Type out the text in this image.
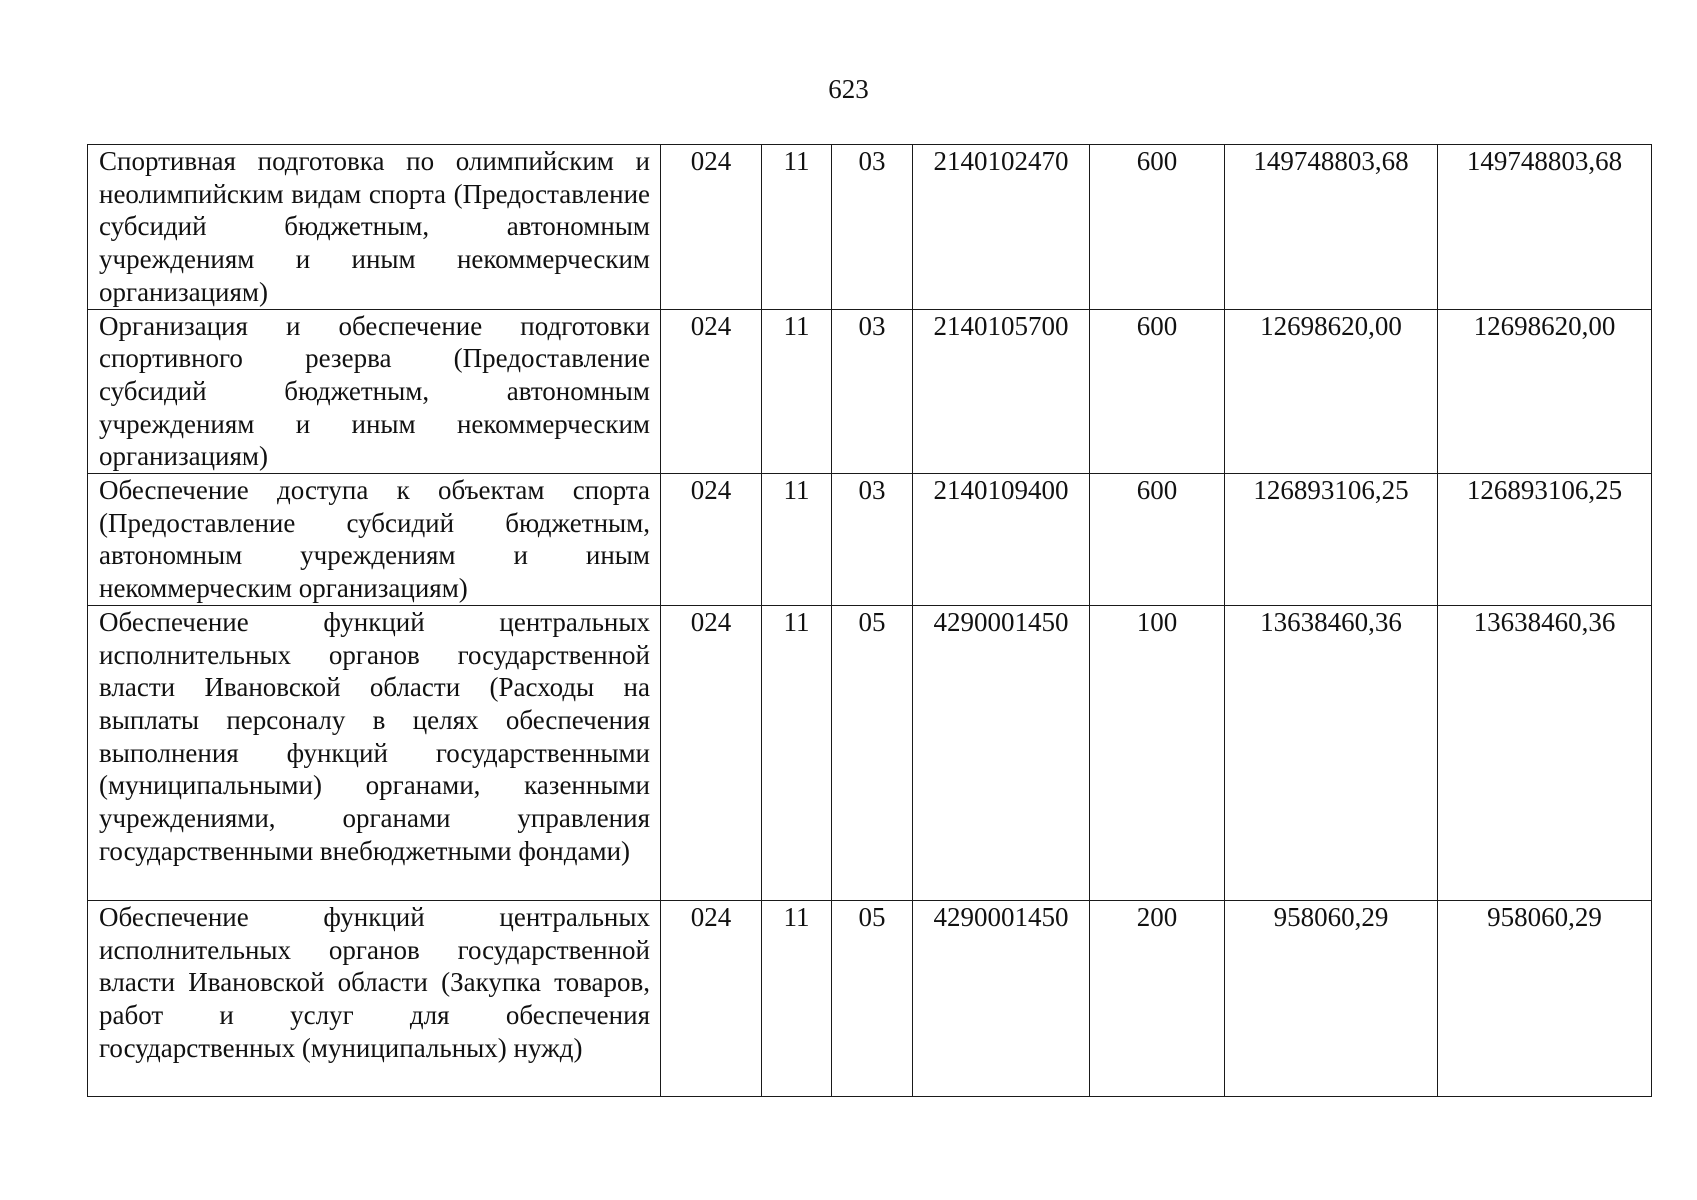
623
Спортивная подготовка по олимпийским и неолимпийским видам спорта (Предоставление субсидий бюджетным, автономным учреждениям и иным некоммерческим организациям)	024	11	03	2140102470	600	149748803,68	149748803,68

Организация и обеспечение подготовки спортивного резерва (Предоставление субсидий бюджетным, автономным учреждениям и иным некоммерческим организациям)	024	11	03	2140105700	600	12698620,00	12698620,00

Обеспечение доступа к объектам спорта (Предоставление субсидий бюджетным, автономным учреждениям и иным некоммерческим организациям)	024	11	03	2140109400	600	126893106,25	126893106,25

Обеспечение функций центральных исполнительных органов государственной власти Ивановской области (Расходы на выплаты персоналу в целях обеспечения выполнения функций государственными (муниципальными) органами, казенными учреждениями, органами управления государственными внебюджетными фондами)	024	11	05	4290001450	100	13638460,36	13638460,36

Обеспечение функций центральных исполнительных органов государственной власти Ивановской области (Закупка товаров, работ и услуг для обеспечения государственных (муниципальных) нужд)	024	11	05	4290001450	200	958060,29	958060,29
